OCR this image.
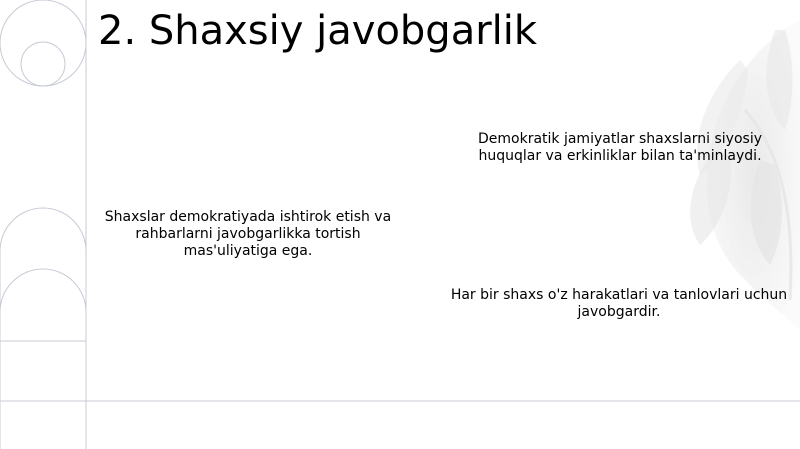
2. Shaxsiy javobgarlik
Demokratik jamiyatlar shaxslarni siyosiy huquqlar va erkinliklar bilan ta'minlaydi.
Shaxslar demokratiyada ishtirok etish va rahbarlarni javobgarlikka tortish mas'uliyatiga ega.
Har bir shaxs o'z harakatlari va tanlovlari uchun javobgardir.
